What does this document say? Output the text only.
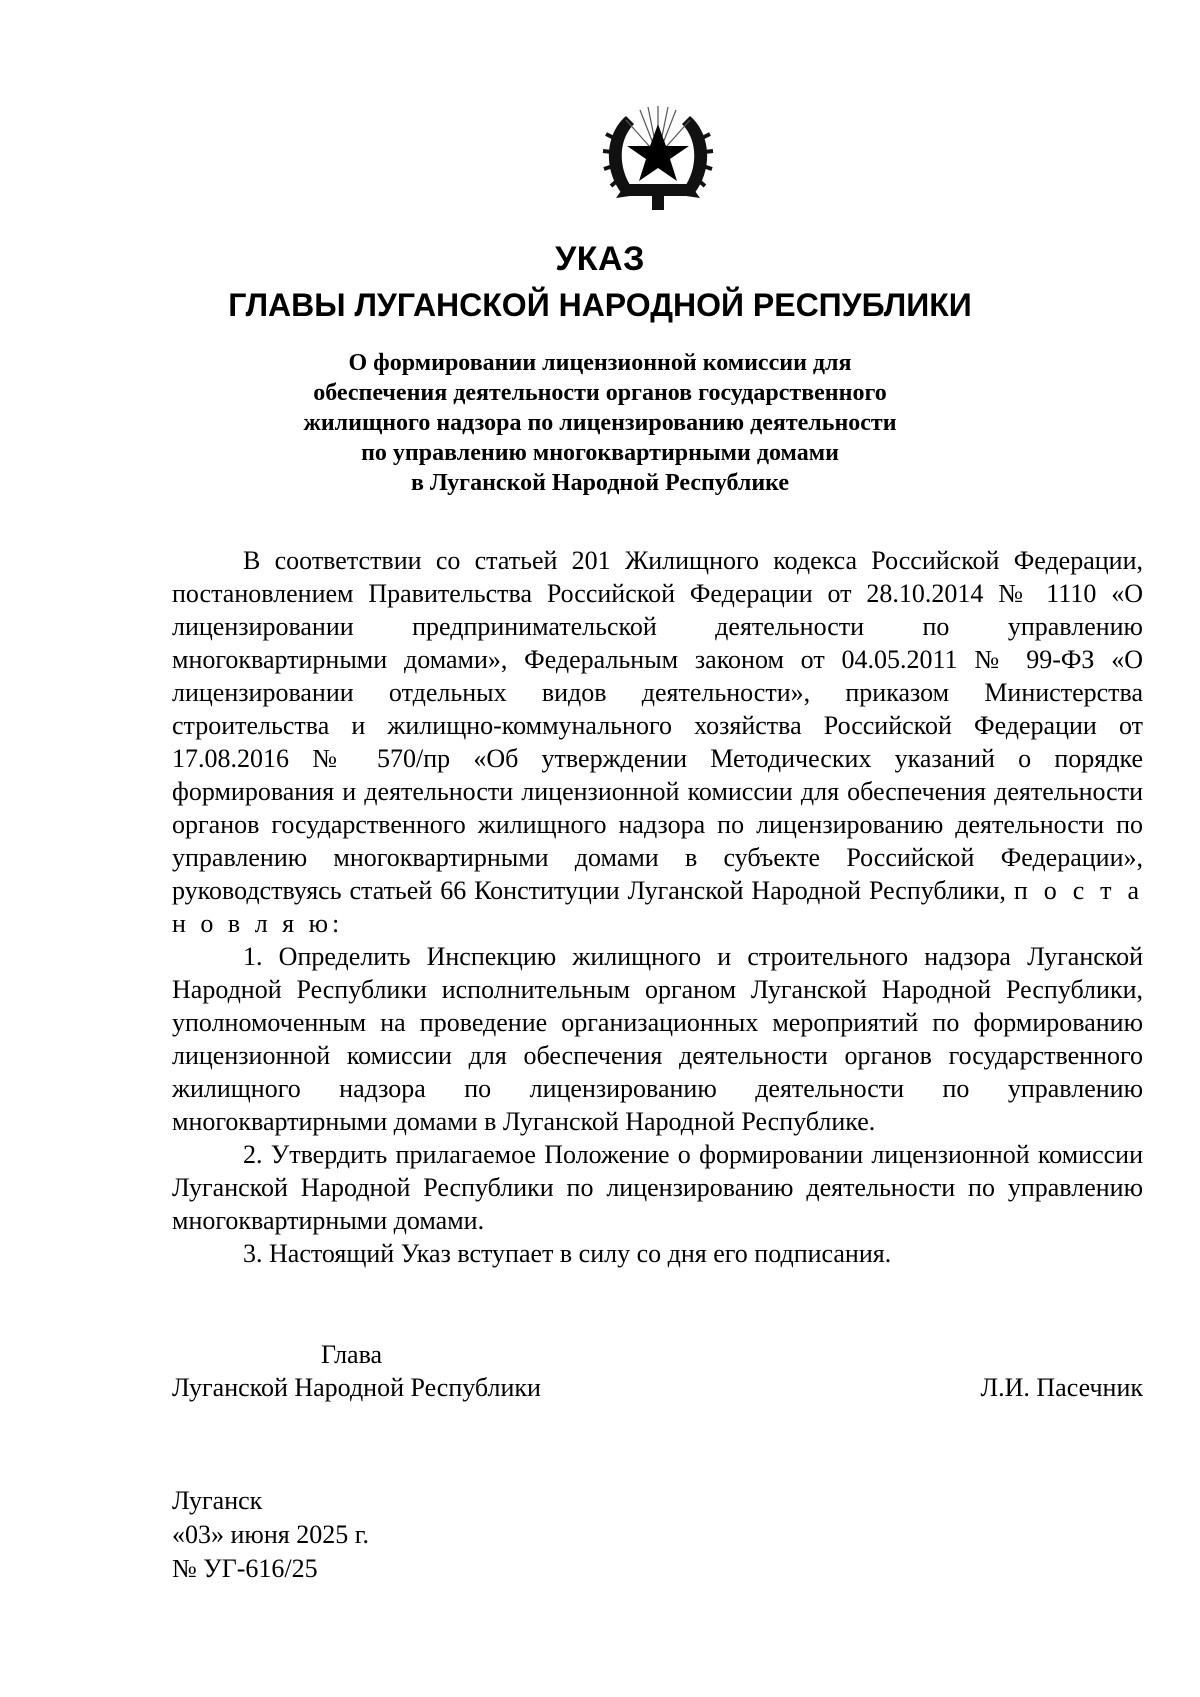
УКАЗ
ГЛАВЫ ЛУГАНСКОЙ НАРОДНОЙ РЕСПУБЛИКИ
О формировании лицензионной комиссии для
обеспечения деятельности органов государственного
жилищного надзора по лицензированию деятельности
по управлению многоквартирными домами
в Луганской Народной Республике

В соответствии со статьей 201 Жилищного кодекса Российской Федерации, постановлением Правительства Российской Федерации от 28.10.2014 № 1110 «О лицензировании предпринимательской деятельности по управлению многоквартирными домами», Федеральным законом от 04.05.2011 № 99-ФЗ «О лицензировании отдельных видов деятельности», приказом Министерства строительства и жилищно-коммунального хозяйства Российской Федерации от 17.08.2016 № 570/пр «Об утверждении Методических указаний о порядке формирования и деятельности лицензионной комиссии для обеспечения деятельности органов государственного жилищного надзора по лицензированию деятельности по управлению многоквартирными домами в субъекте Российской Федерации», руководствуясь статьей 66 Конституции Луганской Народной Республики, п о с т а н о в л я ю:

1. Определить Инспекцию жилищного и строительного надзора Луганской Народной Республики исполнительным органом Луганской Народной Республики, уполномоченным на проведение организационных мероприятий по формированию лицензионной комиссии для обеспечения деятельности органов государственного жилищного надзора по лицензированию деятельности по управлению многоквартирными домами в Луганской Народной Республике.

2. Утвердить прилагаемое Положение о формировании лицензионной комиссии Луганской Народной Республики по лицензированию деятельности по управлению многоквартирными домами.

3. Настоящий Указ вступает в силу со дня его подписания.

Глава
Луганской Народной Республики	Л.И. Пасечник
Луганск
«03» июня 2025 г.
№ УГ-616/25
